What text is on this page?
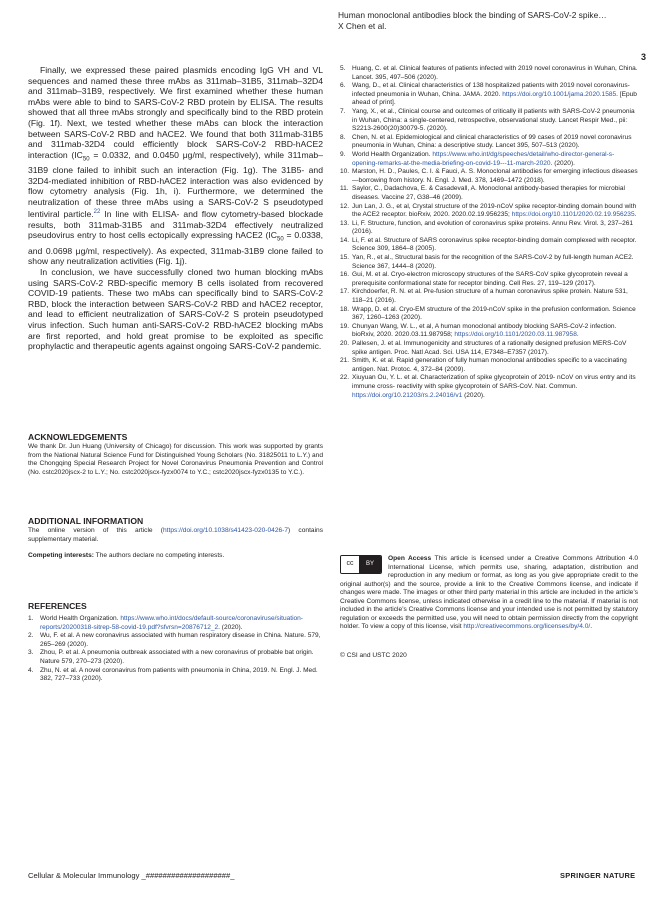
Human monoclonal antibodies block the binding of SARS-CoV-2 spike…
X Chen et al.
3

Finally, we expressed these paired plasmids encoding IgG VH and VL sequences and named these three mAbs as 311mab–31B5, 311mab–32D4 and 311mab–31B9, respectively. We first examined whether these human mAbs were able to bind to SARS-CoV-2 RBD protein by ELISA. The results showed that all three mAbs strongly and specifically bind to the RBD protein (Fig. 1f). Next, we tested whether these mAbs can block the interaction between SARS-CoV-2 RBD and hACE2. We found that both 311mab-31B5 and 311mab-32D4 could efficiently block SARS-CoV-2 RBD-hACE2 interaction ($IC_{50} = 0.0332$, and 0.0450 μg/ml, respectively), while 311mab–31B9 clone failed to inhibit such an interaction (Fig. 1g). The 31B5- and 32D4-mediated inhibition of RBD-hACE2 interaction was also evidenced by flow cytometry analysis (Fig. 1h, i). Furthermore, we determined the neutralization of these three mAbs using a SARS-CoV-2 S pseudotyped lentiviral particle.$^{22}$ In line with ELISA- and flow cytometry-based blockade results, both 311mab-31B5 and 311mab-32D4 effectively neutralized pseudovirus entry to host cells ectopically expressing hACE2 ($IC_{50} = 0.0338$, and 0.0698 μg/ml, respectively). As expected, 311mab-31B9 clone failed to show any neutralization activities (Fig. 1j).

In conclusion, we have successfully cloned two human blocking mAbs using SARS-CoV-2 RBD-specific memory B cells isolated from recovered COVID-19 patients. These two mAbs can specifically bind to SARS-CoV-2 RBD, block the interaction between SARS-CoV-2 RBD and hACE2 receptor, and lead to efficient neutralization of SARS-CoV-2 S protein pseudotyped virus infection. Such human anti-SARS-CoV-2 RBD-hACE2 blocking mAbs are first reported, and hold great promise to be exploited as specific prophylactic and therapeutic agents against ongoing SARS-CoV-2 pandemic.

ACKNOWLEDGEMENTS

We thank Dr. Jun Huang (University of Chicago) for discussion. This work was supported by grants from the National Natural Science Fund for Distinguished Young Scholars (No. 31825011 to L.Y.) and the Chongqing Special Research Project for Novel Coronavirus Pneumonia Prevention and Control (No. cstc2020jscx-2 to L.Y.; No. cstc2020jscx-fyzx0074 to Y.C.; cstc2020jscx-fyzx0135 to Y.C.).

ADDITIONAL INFORMATION

The online version of this article (https://doi.org/10.1038/s41423-020-0426-7) contains supplementary material.

Competing interests: The authors declare no competing interests.

REFERENCES

1. World Health Organization. https://www.who.int/docs/default-source/coronaviruse/situation-reports/20200318-sitrep-58-covid-19.pdf?sfvrsn=20876712_2. (2020).
2. Wu, F. et al. A new coronavirus associated with human respiratory disease in China. Nature. 579, 265–269 (2020).
3. Zhou, P. et al. A pneumonia outbreak associated with a new coronavirus of probable bat origin. Nature 579, 270–273 (2020).
4. Zhu, N. et al. A novel coronavirus from patients with pneumonia in China, 2019. N. Engl. J. Med. 382, 727–733 (2020).
5. Huang, C. et al. Clinical features of patients infected with 2019 novel coronavirus in Wuhan, China. Lancet. 395, 497–506 (2020).
6. Wang, D., et al. Clinical characteristics of 138 hospitalized patients with 2019 novel coronavirus-infected pneumonia in Wuhan, China. JAMA. 2020. https://doi.org/10.1001/jama.2020.1585. [Epub ahead of print].
7. Yang, X., et al., Clinical course and outcomes of critically ill patients with SARS-CoV-2 pneumonia in Wuhan, China: a single-centered, retrospective, observational study. Lancet Respir Med., pii: S2213-2600(20)30079-5. (2020).
8. Chen, N. et al. Epidemiological and clinical characteristics of 99 cases of 2019 novel coronavirus pneumonia in Wuhan, China: a descriptive study. Lancet 395, 507–513 (2020).
9. World Health Organization. https://www.who.int/dg/speeches/detail/who-director-general-s-opening-remarks-at-the-media-briefing-on-covid-19---11-march-2020. (2020).
10. Marston, H. D., Paules, C. I. & Fauci, A. S. Monoclonal antibodies for emerging infectious diseases—borrowing from history. N. Engl. J. Med. 378, 1469–1472 (2018).
11. Saylor, C., Dadachova, E. & Casadevall, A. Monoclonal antibody-based therapies for microbial diseases. Vaccine 27, G38–46 (2009).
12. Jun Lan, J. G., et al, Crystal structure of the 2019-nCoV spike receptor-binding domain bound with the ACE2 receptor. bioRxiv, 2020. 2020.02.19.956235; https://doi.org/10.1101/2020.02.19.956235.
13. Li, F. Structure, function, and evolution of coronavirus spike proteins. Annu Rev. Virol. 3, 237–261 (2016).
14. Li, F. et al. Structure of SARS coronavirus spike receptor-binding domain complexed with receptor. Science 309, 1864–8 (2005).
15. Yan, R., et al., Structural basis for the recognition of the SARS-CoV-2 by full-length human ACE2. Science 367, 1444–8 (2020).
16. Gui, M. et al. Cryo-electron microscopy structures of the SARS-CoV spike glycoprotein reveal a prerequisite conformational state for receptor binding. Cell Res. 27, 119–129 (2017).
17. Kirchdoerfer, R. N. et al. Pre-fusion structure of a human coronavirus spike protein. Nature 531, 118–21 (2016).
18. Wrapp, D. et al. Cryo-EM structure of the 2019-nCoV spike in the prefusion conformation. Science 367, 1260–1263 (2020).
19. Chunyan Wang, W. L., et al, A human monoclonal antibody blocking SARS-CoV-2 infection. bioRxiv, 2020. 2020.03.11.987958; https://doi.org/10.1101/2020.03.11.987958.
20. Pallesen, J. et al. Immunogenicity and structures of a rationally designed prefusion MERS-CoV spike antigen. Proc. Natl Acad. Sci. USA 114, E7348–E7357 (2017).
21. Smith, K. et al. Rapid generation of fully human monoclonal antibodies specific to a vaccinating antigen. Nat. Protoc. 4, 372–84 (2009).
22. Xiuyuan Ou, Y. L. et al. Characterization of spike glycoprotein of 2019- nCoV on virus entry and its immune cross- reactivity with spike glycoprotein of SARS-CoV. Nat. Commun. https://doi.org/10.21203/rs.2.24016/v1 (2020).

cc	BY
Open Access This article is licensed under a Creative Commons Attribution 4.0 International License, which permits use, sharing, adaptation, distribution and reproduction in any medium or format, as long as you give appropriate credit to the original author(s) and the source, provide a link to the Creative Commons license, and indicate if changes were made. The images or other third party material in this article are included in the article’s Creative Commons license, unless indicated otherwise in a credit line to the material. If material is not included in the article’s Creative Commons license and your intended use is not permitted by statutory regulation or exceeds the permitted use, you will need to obtain permission directly from the copyright holder. To view a copy of this license, visit http://creativecommons.org/licenses/by/4.0/.

© CSI and USTC 2020

Cellular & Molecular Immunology _####################_	SPRINGER NATURE
